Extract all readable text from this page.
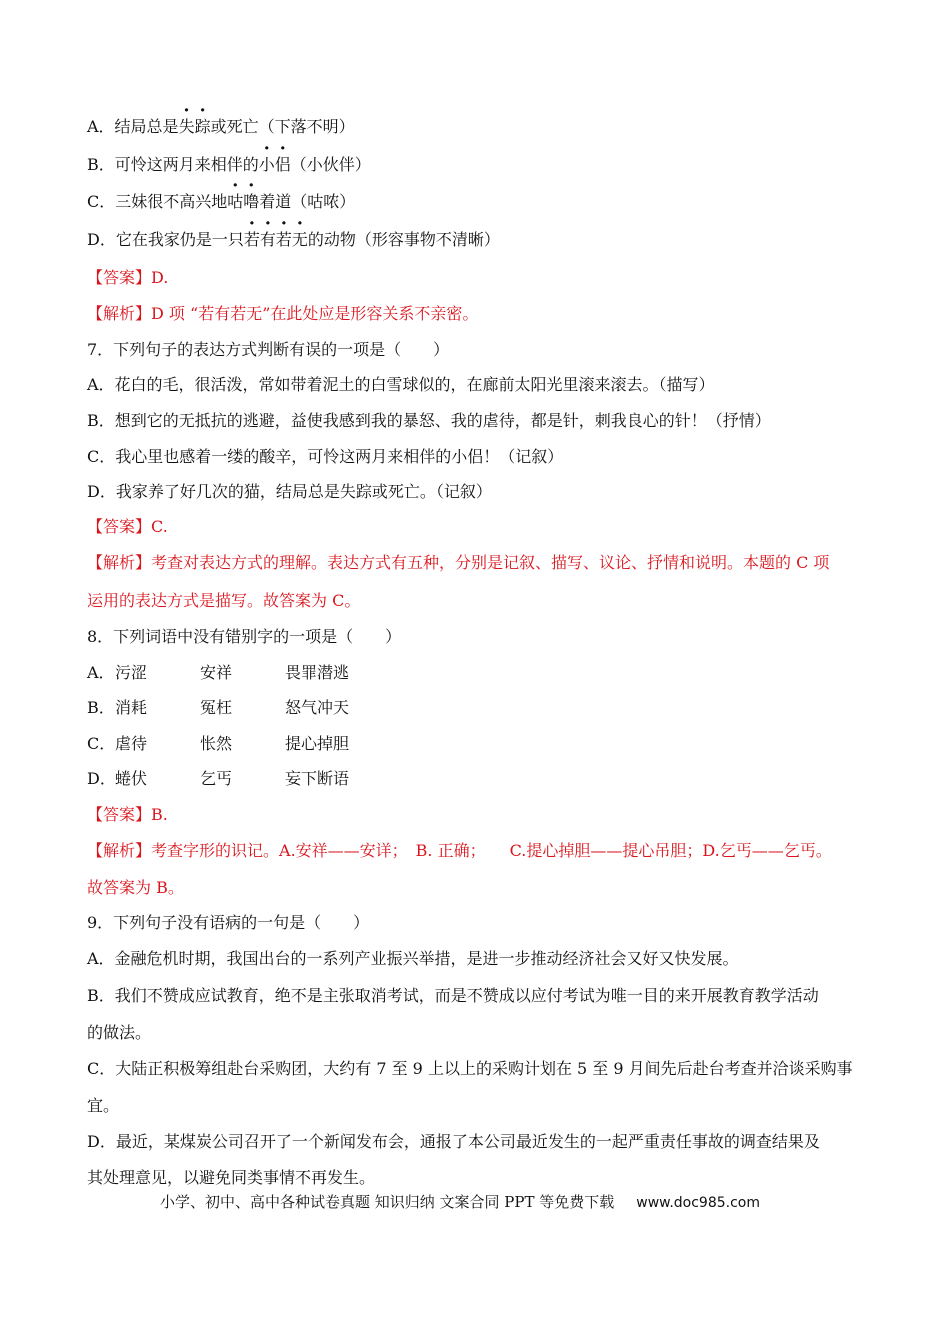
A．结局总是失踪或死亡（下落不明）
B．可怜这两月来相伴的小侣（小伙伴）
C．三妹很不高兴地咕噜着道（咕哝）
D．它在我家仍是一只若有若无的动物（形容事物不清晰）
【答案】D.
【解析】D 项 “若有若无”在此处应是形容关系不亲密。
7．下列句子的表达方式判断有误的一项是（　　）
A．花白的毛，很活泼，常如带着泥土的白雪球似的，在廊前太阳光里滚来滚去。（描写）
B．想到它的无抵抗的逃避，益使我感到我的暴怒、我的虐待，都是针，刺我良心的针！（抒情）
C．我心里也感着一缕的酸辛，可怜这两月来相伴的小侣！（记叙）
D．我家养了好几次的猫，结局总是失踪或死亡。（记叙）
【答案】C.
【解析】考查对表达方式的理解。表达方式有五种，分别是记叙、描写、议论、抒情和说明。本题的 C 项
运用的表达方式是描写。故答案为 C。
8．下列词语中没有错别字的一项是（　　）
A．污涩	安祥	畏罪潜逃
B．消耗	冤枉	怒气冲天
C．虐待	怅然	提心掉胆
D．蜷伏	乞丐	妄下断语
【答案】B.
【解析】考查字形的识记。A.安祥——安详；　B. 正确；　　C.提心掉胆——提心吊胆；D.乞丐——乞丐。
故答案为 B。
9．下列句子没有语病的一句是（　　）
A．金融危机时期，我国出台的一系列产业振兴举措，是进一步推动经济社会又好又快发展。
B．我们不赞成应试教育，绝不是主张取消考试，而是不赞成以应付考试为唯一目的来开展教育教学活动
的做法。
C．大陆正积极筹组赴台采购团，大约有 7 至 9 上以上的采购计划在 5 至 9 月间先后赴台考查并洽谈采购事
宜。
D．最近，某煤炭公司召开了一个新闻发布会，通报了本公司最近发生的一起严重责任事故的调查结果及
其处理意见，以避免同类事情不再发生。
小学、初中、高中各种试卷真题 知识归纳 文案合同 PPT 等免费下载 www.doc985.com
